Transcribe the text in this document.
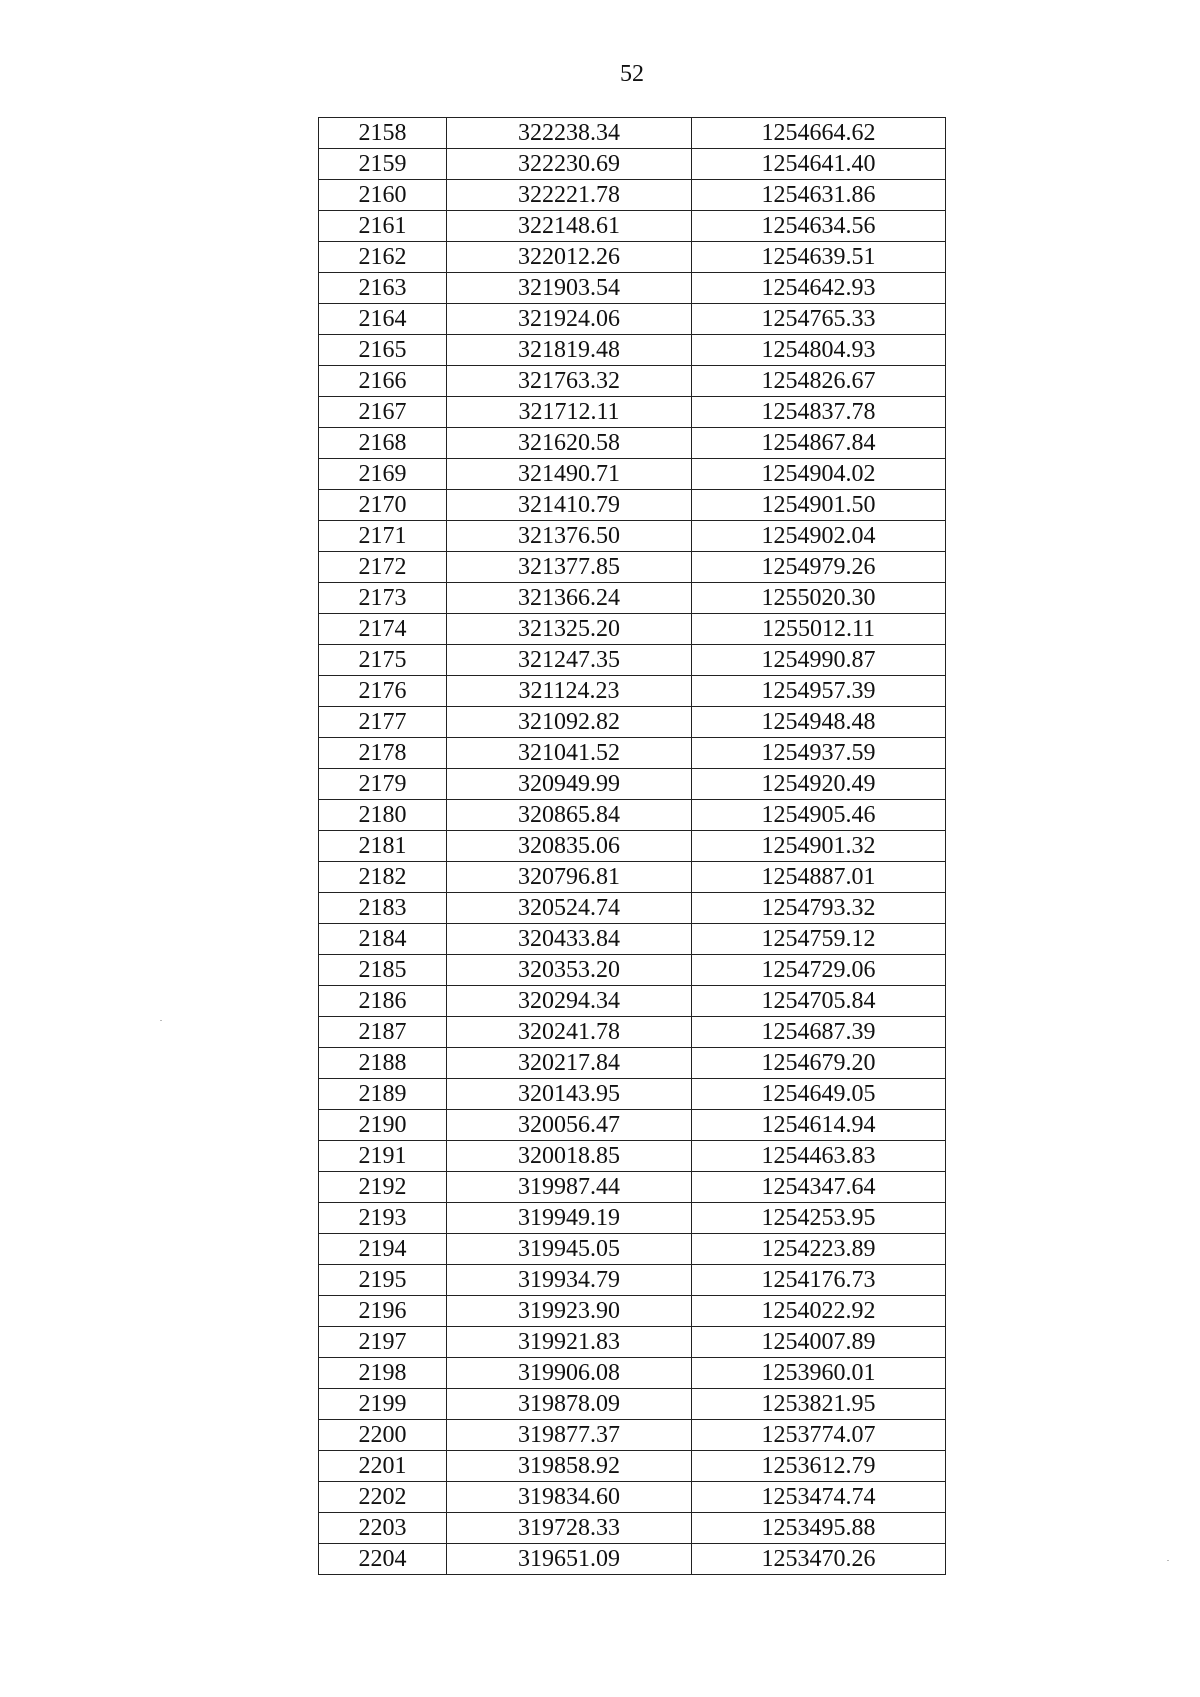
52
2158	322238.34	1254664.62
2159	322230.69	1254641.40
2160	322221.78	1254631.86
2161	322148.61	1254634.56
2162	322012.26	1254639.51
2163	321903.54	1254642.93
2164	321924.06	1254765.33
2165	321819.48	1254804.93
2166	321763.32	1254826.67
2167	321712.11	1254837.78
2168	321620.58	1254867.84
2169	321490.71	1254904.02
2170	321410.79	1254901.50
2171	321376.50	1254902.04
2172	321377.85	1254979.26
2173	321366.24	1255020.30
2174	321325.20	1255012.11
2175	321247.35	1254990.87
2176	321124.23	1254957.39
2177	321092.82	1254948.48
2178	321041.52	1254937.59
2179	320949.99	1254920.49
2180	320865.84	1254905.46
2181	320835.06	1254901.32
2182	320796.81	1254887.01
2183	320524.74	1254793.32
2184	320433.84	1254759.12
2185	320353.20	1254729.06
2186	320294.34	1254705.84
2187	320241.78	1254687.39
2188	320217.84	1254679.20
2189	320143.95	1254649.05
2190	320056.47	1254614.94
2191	320018.85	1254463.83
2192	319987.44	1254347.64
2193	319949.19	1254253.95
2194	319945.05	1254223.89
2195	319934.79	1254176.73
2196	319923.90	1254022.92
2197	319921.83	1254007.89
2198	319906.08	1253960.01
2199	319878.09	1253821.95
2200	319877.37	1253774.07
2201	319858.92	1253612.79
2202	319834.60	1253474.74
2203	319728.33	1253495.88
2204	319651.09	1253470.26
